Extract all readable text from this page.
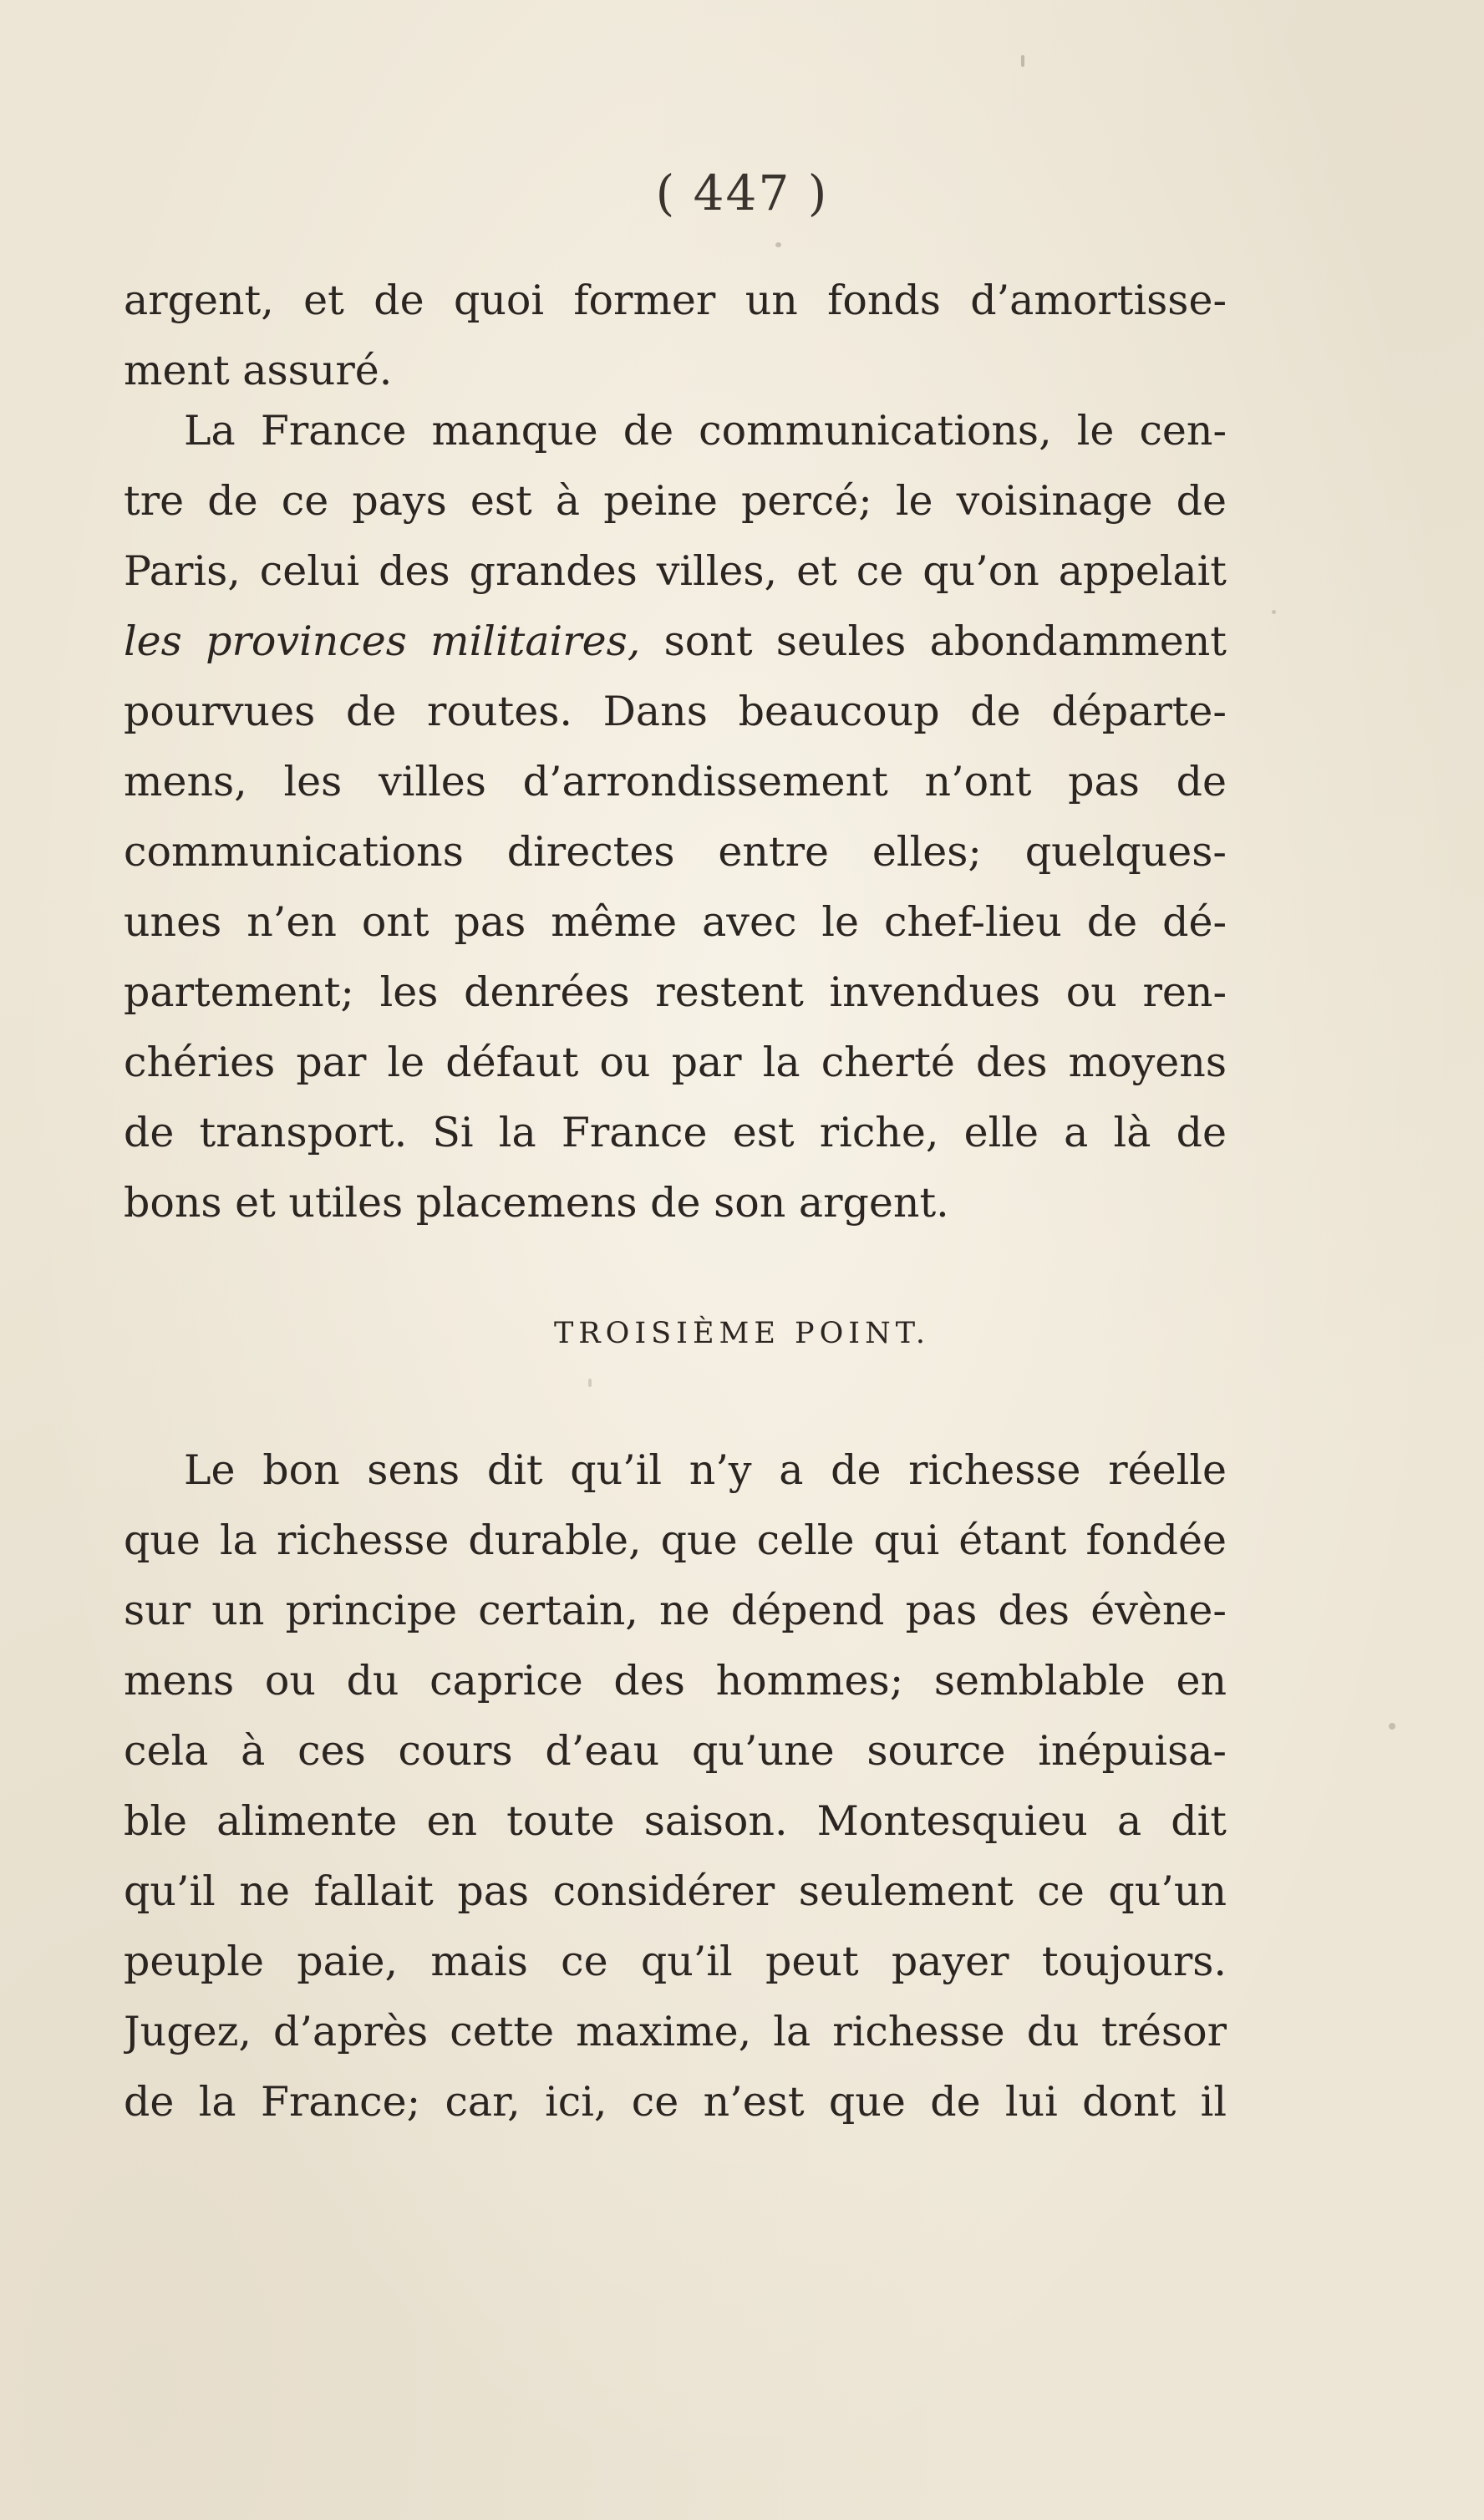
( 447 )
argent, et de quoi former un fonds d’amortisse-
ment assuré.
La France manque de communications, le cen-
tre de ce pays est à peine percé; le voisinage de
Paris, celui des grandes villes, et ce qu’on appelait
les provinces militaires, sont seules abondamment
pourvues de routes. Dans beaucoup de départe-
mens, les villes d’arrondissement n’ont pas de
communications directes entre elles; quelques-
unes n’en ont pas même avec le chef-lieu de dé-
partement; les denrées restent invendues ou ren-
chéries par le défaut ou par la cherté des moyens
de transport. Si la France est riche, elle a là de
bons et utiles placemens de son argent.
TROISIÈME POINT.
Le bon sens dit qu’il n’y a de richesse réelle
que la richesse durable, que celle qui étant fondée
sur un principe certain, ne dépend pas des évène-
mens ou du caprice des hommes; semblable en
cela à ces cours d’eau qu’une source inépuisa-
ble alimente en toute saison. Montesquieu a dit
qu’il ne fallait pas considérer seulement ce qu’un
peuple paie, mais ce qu’il peut payer toujours.
Jugez, d’après cette maxime, la richesse du trésor
de la France; car, ici, ce n’est que de lui dont il
